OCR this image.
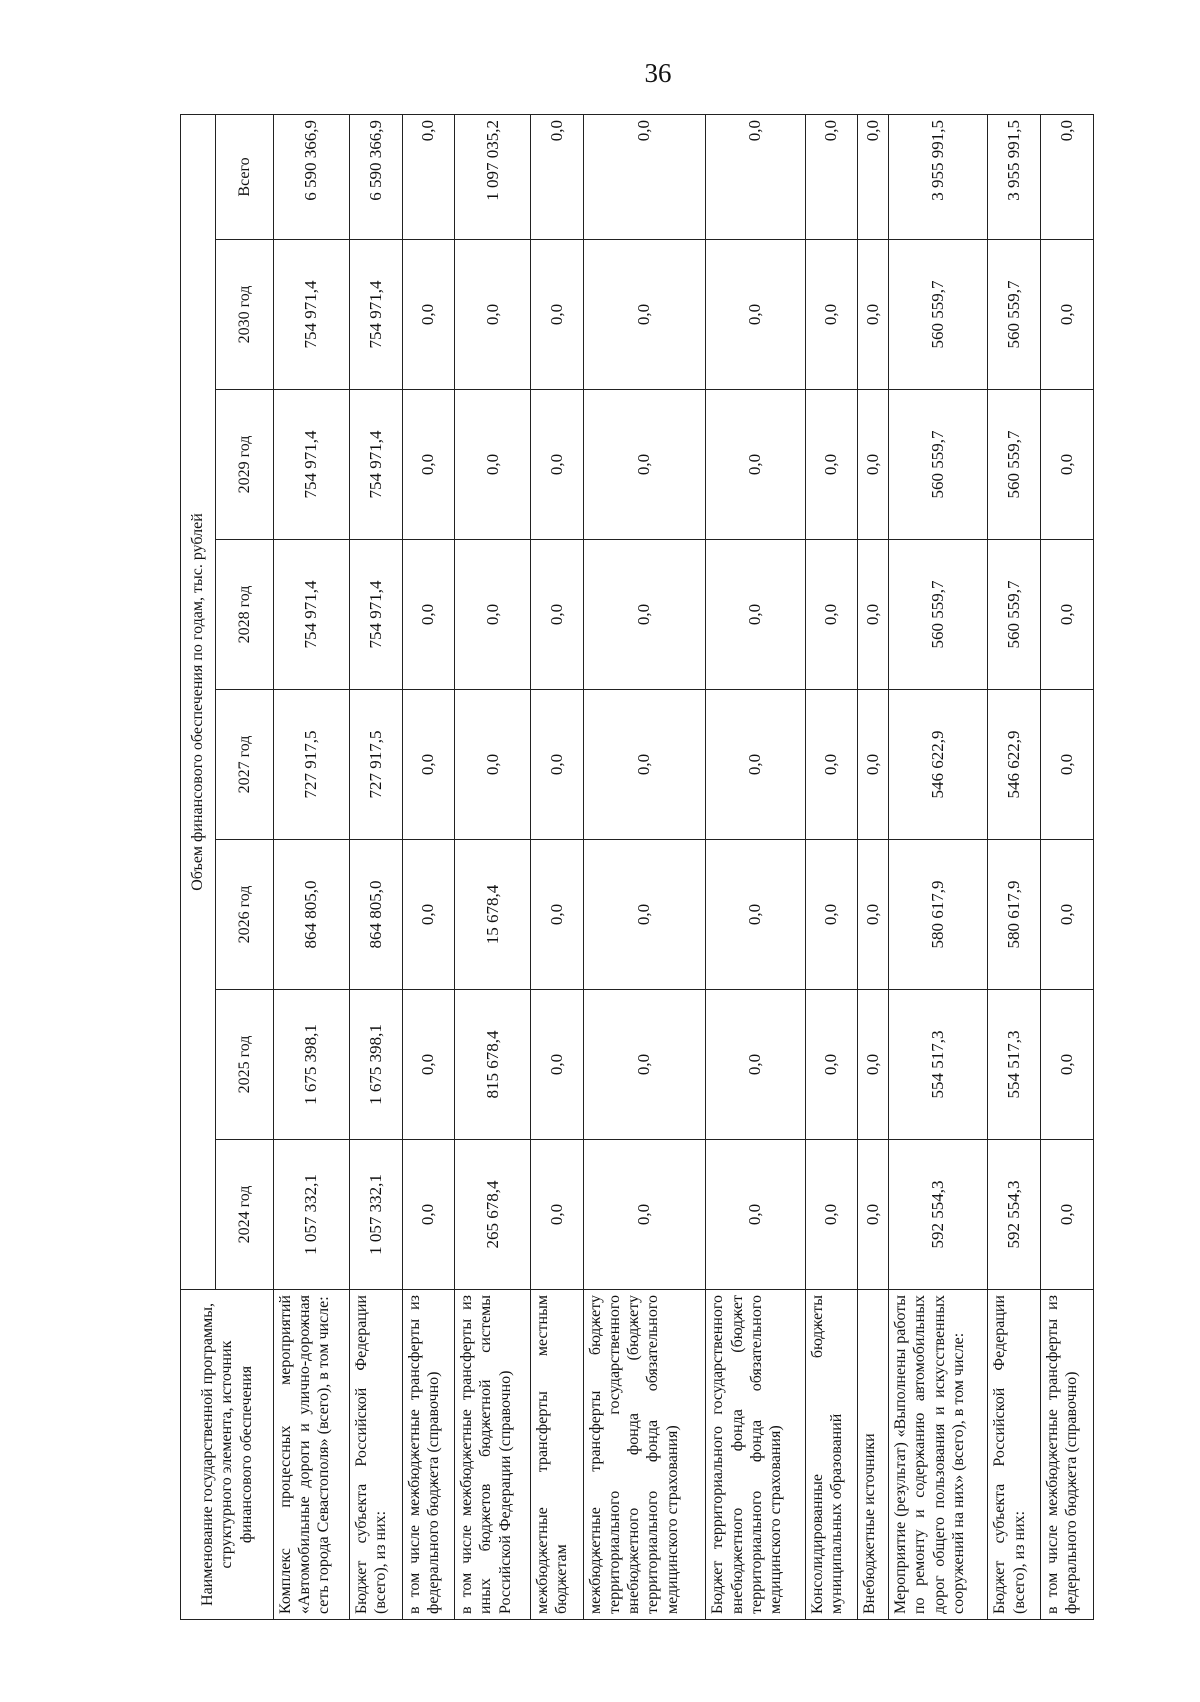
36
Наименование государственной программы, структурного элемента, источник финансового обеспечения	Объем финансового обеспечения по годам, тыс. рублей							
	2024 год	2025 год	2026 год	2027 год	2028 год	2029 год	2030 год	Всего
Комплекс процессных мероприятий «Автомобильные дороги и улично-дорожная сеть города Севастополя» (всего), в том числе:	1 057 332,1	1 675 398,1	864 805,0	727 917,5	754 971,4	754 971,4	754 971,4	6 590 366,9
Бюджет субъекта Российской Федерации (всего), из них:	1 057 332,1	1 675 398,1	864 805,0	727 917,5	754 971,4	754 971,4	754 971,4	6 590 366,9
в том числе межбюджетные трансферты из федерального бюджета (справочно)	0,0	0,0	0,0	0,0	0,0	0,0	0,0	0,0
в том числе межбюджетные трансферты из иных бюджетов бюджетной системы Российской Федерации (справочно)	265 678,4	815 678,4	15 678,4	0,0	0,0	0,0	0,0	1 097 035,2
межбюджетные трансферты местным бюджетам	0,0	0,0	0,0	0,0	0,0	0,0	0,0	0,0
межбюджетные трансферты бюджету территориального государственного внебюджетного фонда (бюджету территориального фонда обязательного медицинского страхования)	0,0	0,0	0,0	0,0	0,0	0,0	0,0	0,0
Бюджет территориального государственного внебюджетного фонда (бюджет территориального фонда обязательного медицинского страхования)	0,0	0,0	0,0	0,0	0,0	0,0	0,0	0,0
Консолидированные бюджеты муниципальных образований	0,0	0,0	0,0	0,0	0,0	0,0	0,0	0,0
Внебюджетные источники	0,0	0,0	0,0	0,0	0,0	0,0	0,0	0,0
Мероприятие (результат) «Выполнены работы по ремонту и содержанию автомобильных дорог общего пользования и искусственных сооружений на них» (всего), в том числе:	592 554,3	554 517,3	580 617,9	546 622,9	560 559,7	560 559,7	560 559,7	3 955 991,5
Бюджет субъекта Российской Федерации (всего), из них:	592 554,3	554 517,3	580 617,9	546 622,9	560 559,7	560 559,7	560 559,7	3 955 991,5
в том числе межбюджетные трансферты из федерального бюджета (справочно)	0,0	0,0	0,0	0,0	0,0	0,0	0,0	0,0
